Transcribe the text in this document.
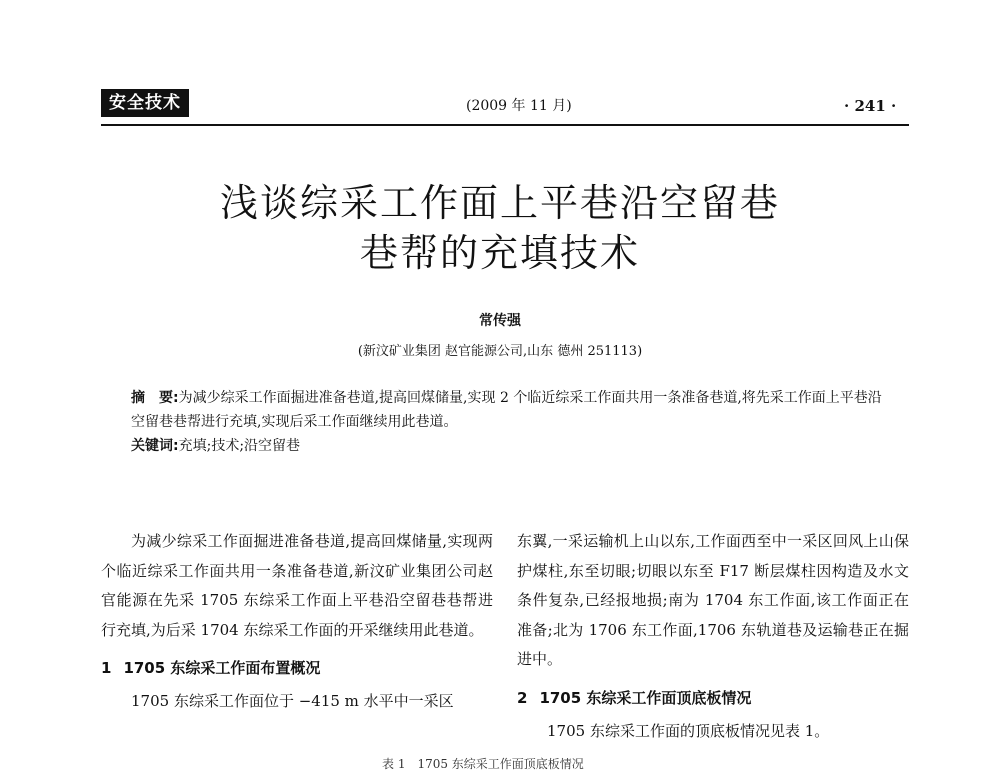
安全技术	(2009 年 11 月)	· 241 ·
浅谈综采工作面上平巷沿空留巷
巷帮的充填技术
常传强
(新汶矿业集团 赵官能源公司,山东 德州 251113)

摘　要:为减少综采工作面掘进准备巷道,提高回煤储量,实现 2 个临近综采工作面共用一条准备巷道,将先采工作面上平巷沿空留巷巷帮进行充填,实现后采工作面继续用此巷道。

关键词:充填;技术;沿空留巷

为减少综采工作面掘进准备巷道,提高回煤储量,实现两个临近综采工作面共用一条准备巷道,新汶矿业集团公司赵官能源在先采 1705 东综采工作面上平巷沿空留巷巷帮进行充填,为后采 1704 东综采工作面的开采继续用此巷道。

1 1705 东综采工作面布置概况

1705 东综采工作面位于 −415 m 水平中一采区

东翼,一采运输机上山以东,工作面西至中一采区回风上山保护煤柱,东至切眼;切眼以东至 F17 断层煤柱因构造及水文条件复杂,已经报地损;南为 1704 东工作面,该工作面正在准备;北为 1706 东工作面,1706 东轨道巷及运输巷正在掘进中。

2 1705 东综采工作面顶底板情况

1705 东综采工作面的顶底板情况见表 1。

表 1　1705 东综采工作面顶底板情况
